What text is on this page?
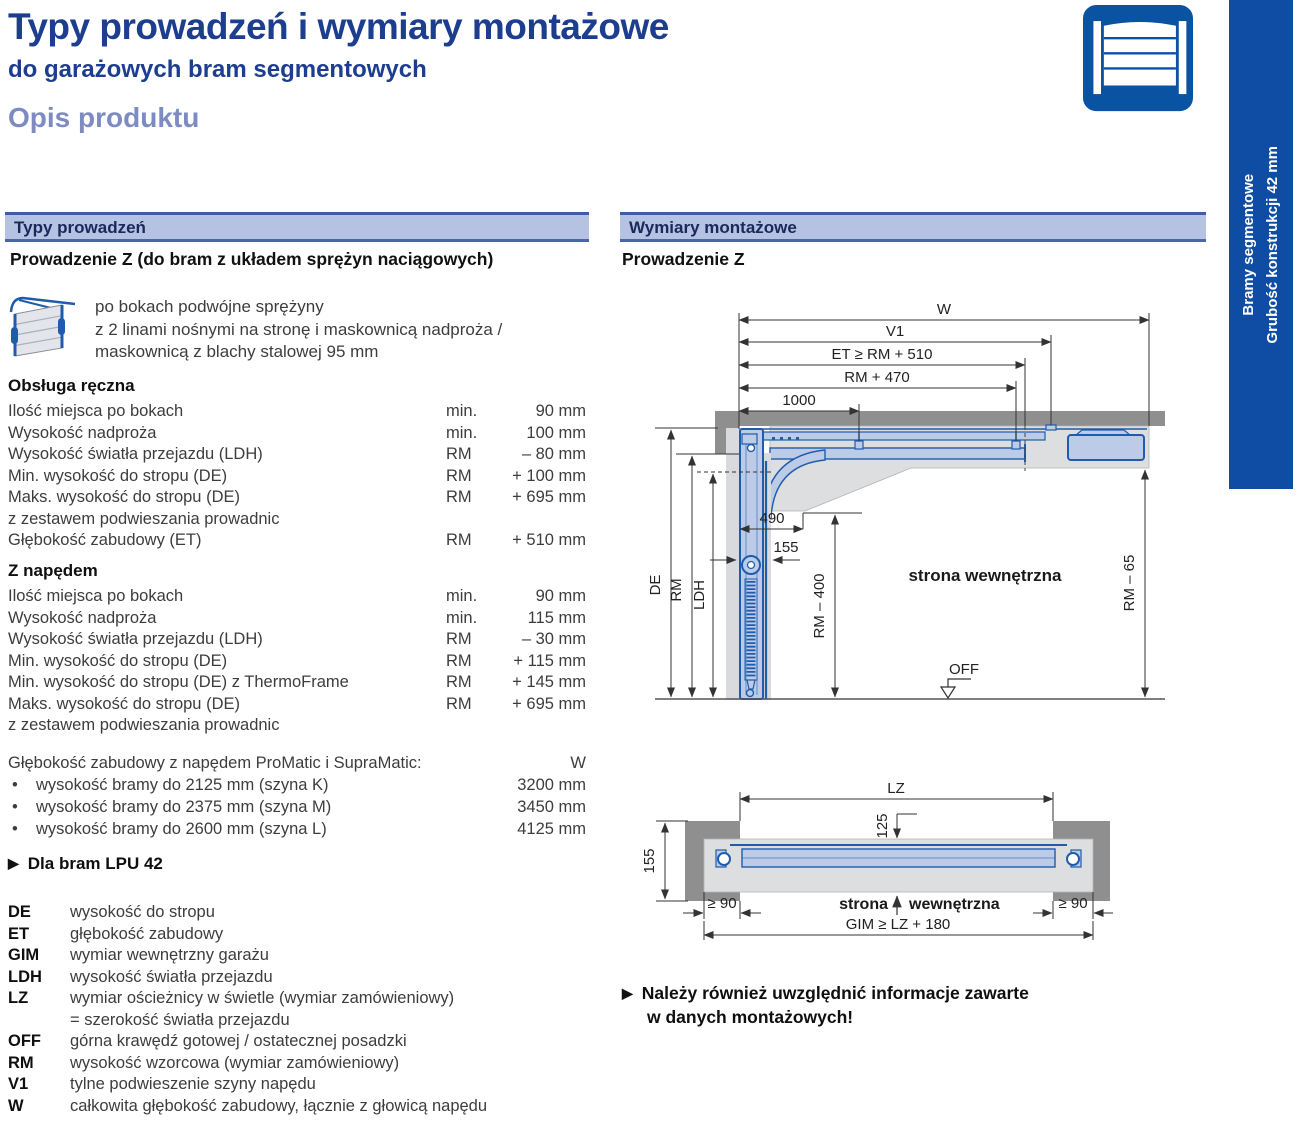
Typy prowadzeń i wymiary montażowe
do garażowych bram segmentowych
Opis produktu
Bramy segmentowe Grubość konstrukcji 42 mm
Typy prowadzeń
Prowadzenie Z (do bram z układem sprężyn naciągowych)
po bokach podwójne sprężyny
z 2 linami nośnymi na stronę i maskownicą nadproża /
maskownicą z blachy stalowej 95 mm
Obsługa ręczna
Ilość miejsca po bokach	min.	90 mm
Wysokość nadproża	min.	100 mm
Wysokość światła przejazdu (LDH)	RM	– 80 mm
Min. wysokość do stropu (DE)	RM	+ 100 mm
Maks. wysokość do stropu (DE)	RM	+ 695 mm
z zestawem podwieszania prowadnic
Głębokość zabudowy (ET)	RM	+ 510 mm
Z napędem
Ilość miejsca po bokach	min.	90 mm
Wysokość nadproża	min.	115 mm
Wysokość światła przejazdu (LDH)	RM	– 30 mm
Min. wysokość do stropu (DE)	RM	+ 115 mm
Min. wysokość do stropu (DE) z ThermoFrame	RM	+ 145 mm
Maks. wysokość do stropu (DE)	RM	+ 695 mm
z zestawem podwieszania prowadnic
Głębokość zabudowy z napędem ProMatic i SupraMatic:	W
•	wysokość bramy do 2125 mm (szyna K)	3200 mm
•	wysokość bramy do 2375 mm (szyna M)	3450 mm
•	wysokość bramy do 2600 mm (szyna L)	4125 mm
▶ Dla bram LPU 42
DE	wysokość do stropu
ET	głębokość zabudowy
GIM	wymiar wewnętrzny garażu
LDH	wysokość światła przejazdu
LZ	wymiar ościeżnicy w świetle (wymiar zamówieniowy)
= szerokość światła przejazdu
OFF	górna krawędź gotowej / ostatecznej posadzki
RM	wysokość wzorcowa (wymiar zamówieniowy)
V1	tylne podwieszenie szyny napędu
W	całkowita głębokość zabudowy, łącznie z głowicą napędu
Wymiary montażowe
Prowadzenie Z
W
V1
ET ≥ RM + 510
RM + 470
1000
DE RM LDH
490
155
RM – 400	RM – 65
strona wewnętrzna
OFF
LZ
125
155
strona wewnętrzna
≥ 90	≥ 90
GIM ≥ LZ + 180
▶ Należy również uwzględnić informacje zawarte
w danych montażowych!
